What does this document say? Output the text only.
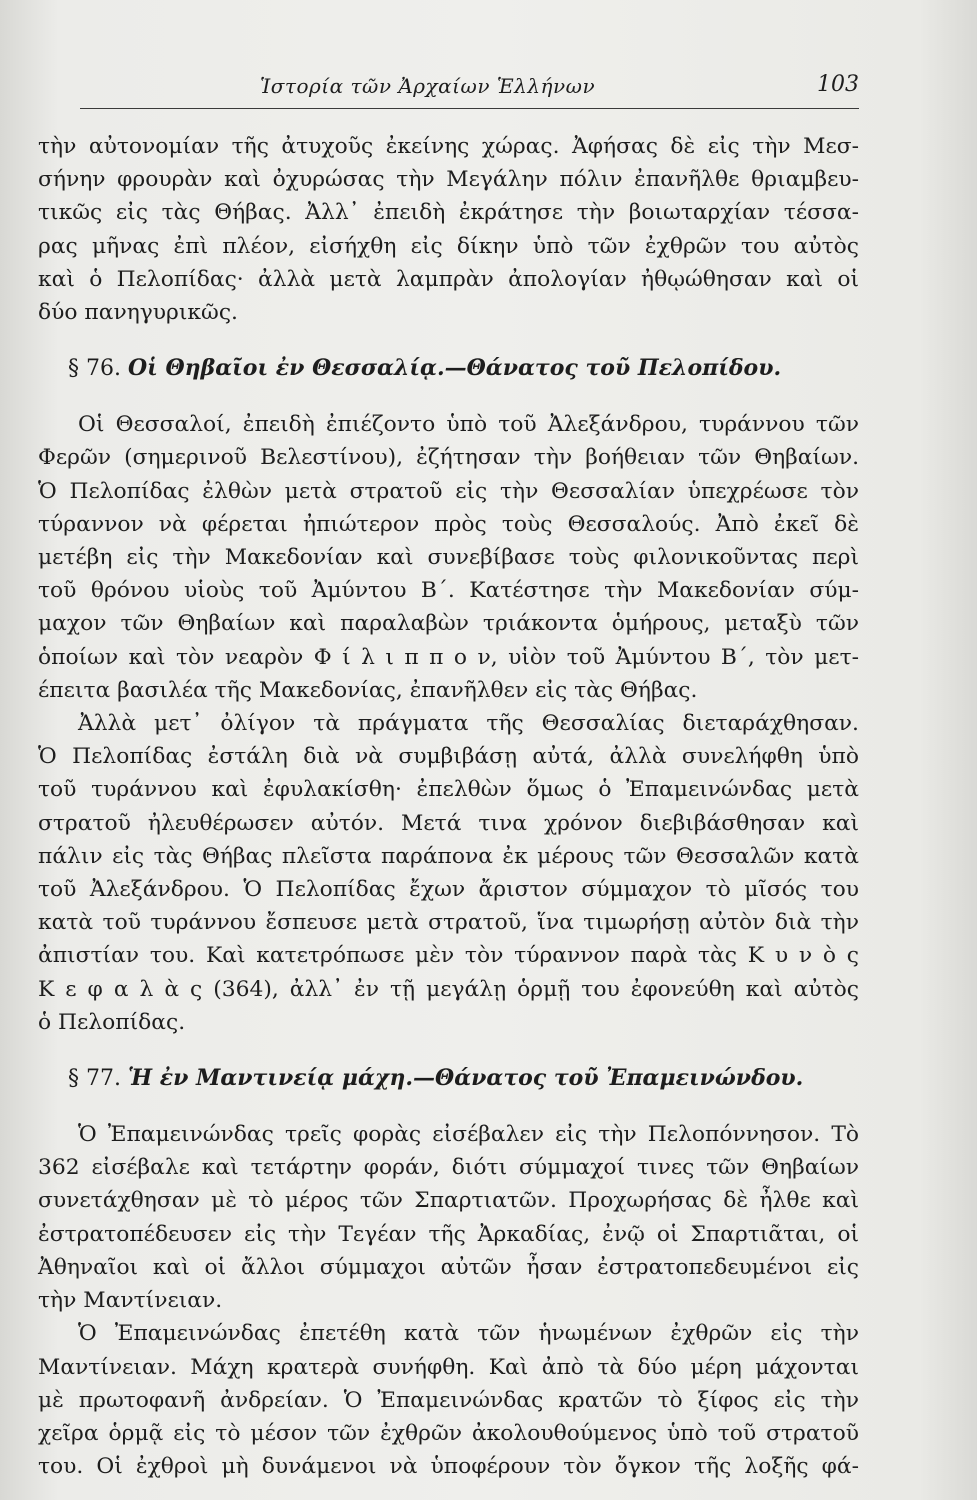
Ἱστορία τῶν Ἀρχαίων Ἑλλήνων	103
τὴν αὐτονομίαν τῆς ἀτυχοῦς ἐκείνης χώρας. Ἀφήσας δὲ εἰς τὴν Μεσ-
σήνην φρουρὰν καὶ ὀχυρώσας τὴν Μεγάλην πόλιν ἐπανῆλθε θριαμβευ-
τικῶς εἰς τὰς Θήβας. Ἀλλ᾿ ἐπειδὴ ἐκράτησε τὴν βοιωταρχίαν τέσσα-
ρας μῆνας ἐπὶ πλέον, εἰσήχθη εἰς δίκην ὑπὸ τῶν ἐχθρῶν του αὐτὸς
καὶ ὁ Πελοπίδας· ἀλλὰ μετὰ λαμπρὰν ἀπολογίαν ἠθῳώθησαν καὶ οἱ
δύο πανηγυρικῶς.
§ 76. Οἱ Θηβαῖοι ἐν Θεσσαλίᾳ.—Θάνατος τοῦ Πελοπίδου.
Οἱ Θεσσαλοί, ἐπειδὴ ἐπιέζοντο ὑπὸ τοῦ Ἀλεξάνδρου, τυράννου τῶν
Φερῶν (σημερινοῦ Βελεστίνου), ἐζήτησαν τὴν βοήθειαν τῶν Θηβαίων.
Ὁ Πελοπίδας ἐλθὼν μετὰ στρατοῦ εἰς τὴν Θεσσαλίαν ὑπεχρέωσε τὸν
τύραννον νὰ φέρεται ἠπιώτερον πρὸς τοὺς Θεσσαλούς. Ἀπὸ ἐκεῖ δὲ
μετέβη εἰς τὴν Μακεδονίαν καὶ συνεβίβασε τοὺς φιλονικοῦντας περὶ
τοῦ θρόνου υἱοὺς τοῦ Ἀμύντου Β΄. Κατέστησε τὴν Μακεδονίαν σύμ-
μαχον τῶν Θηβαίων καὶ παραλαβὼν τριάκοντα ὁμήρους, μεταξὺ τῶν
ὁποίων καὶ τὸν νεαρὸν Φ ί λ ι π π ο ν, υἱὸν τοῦ Ἀμύντου Β΄, τὸν μετ-
έπειτα βασιλέα τῆς Μακεδονίας, ἐπανῆλθεν εἰς τὰς Θήβας.
Ἀλλὰ μετ᾿ ὀλίγον τὰ πράγματα τῆς Θεσσαλίας διεταράχθησαν.
Ὁ Πελοπίδας ἐστάλη διὰ νὰ συμβιβάσῃ αὐτά, ἀλλὰ συνελήφθη ὑπὸ
τοῦ τυράννου καὶ ἐφυλακίσθη· ἐπελθὼν ὅμως ὁ Ἐπαμεινώνδας μετὰ
στρατοῦ ἠλευθέρωσεν αὐτόν. Μετά τινα χρόνον διεβιβάσθησαν καὶ
πάλιν εἰς τὰς Θήβας πλεῖστα παράπονα ἐκ μέρους τῶν Θεσσαλῶν κατὰ
τοῦ Ἀλεξάνδρου. Ὁ Πελοπίδας ἔχων ἄριστον σύμμαχον τὸ μῖσός του
κατὰ τοῦ τυράννου ἔσπευσε μετὰ στρατοῦ, ἵνα τιμωρήσῃ αὐτὸν διὰ τὴν
ἀπιστίαν του. Καὶ κατετρόπωσε μὲν τὸν τύραννον παρὰ τὰς Κ υ ν ὸ ς
Κ ε φ α λ ὰ ς (364), ἀλλ᾿ ἐν τῇ μεγάλῃ ὁρμῇ του ἐφονεύθη καὶ αὐτὸς
ὁ Πελοπίδας.
§ 77. Ἡ ἐν Μαντινείᾳ μάχη.—Θάνατος τοῦ Ἐπαμεινώνδου.
Ὁ Ἐπαμεινώνδας τρεῖς φορὰς εἰσέβαλεν εἰς τὴν Πελοπόννησον. Τὸ
362 εἰσέβαλε καὶ τετάρτην φοράν, διότι σύμμαχοί τινες τῶν Θηβαίων
συνετάχθησαν μὲ τὸ μέρος τῶν Σπαρτιατῶν. Προχωρήσας δὲ ἦλθε καὶ
ἐστρατοπέδευσεν εἰς τὴν Τεγέαν τῆς Ἀρκαδίας, ἐνῷ οἱ Σπαρτιᾶται, οἱ
Ἀθηναῖοι καὶ οἱ ἄλλοι σύμμαχοι αὐτῶν ἦσαν ἐστρατοπεδευμένοι εἰς
τὴν Μαντίνειαν.
Ὁ Ἐπαμεινώνδας ἐπετέθη κατὰ τῶν ἡνωμένων ἐχθρῶν εἰς τὴν
Μαντίνειαν. Μάχη κρατερὰ συνήφθη. Καὶ ἀπὸ τὰ δύο μέρη μάχονται
μὲ πρωτοφανῆ ἀνδρείαν. Ὁ Ἐπαμεινώνδας κρατῶν τὸ ξίφος εἰς τὴν
χεῖρα ὁρμᾷ εἰς τὸ μέσον τῶν ἐχθρῶν ἀκολουθούμενος ὑπὸ τοῦ στρατοῦ
του. Οἱ ἐχθροὶ μὴ δυνάμενοι νὰ ὑποφέρουν τὸν ὄγκον τῆς λοξῆς φά-
